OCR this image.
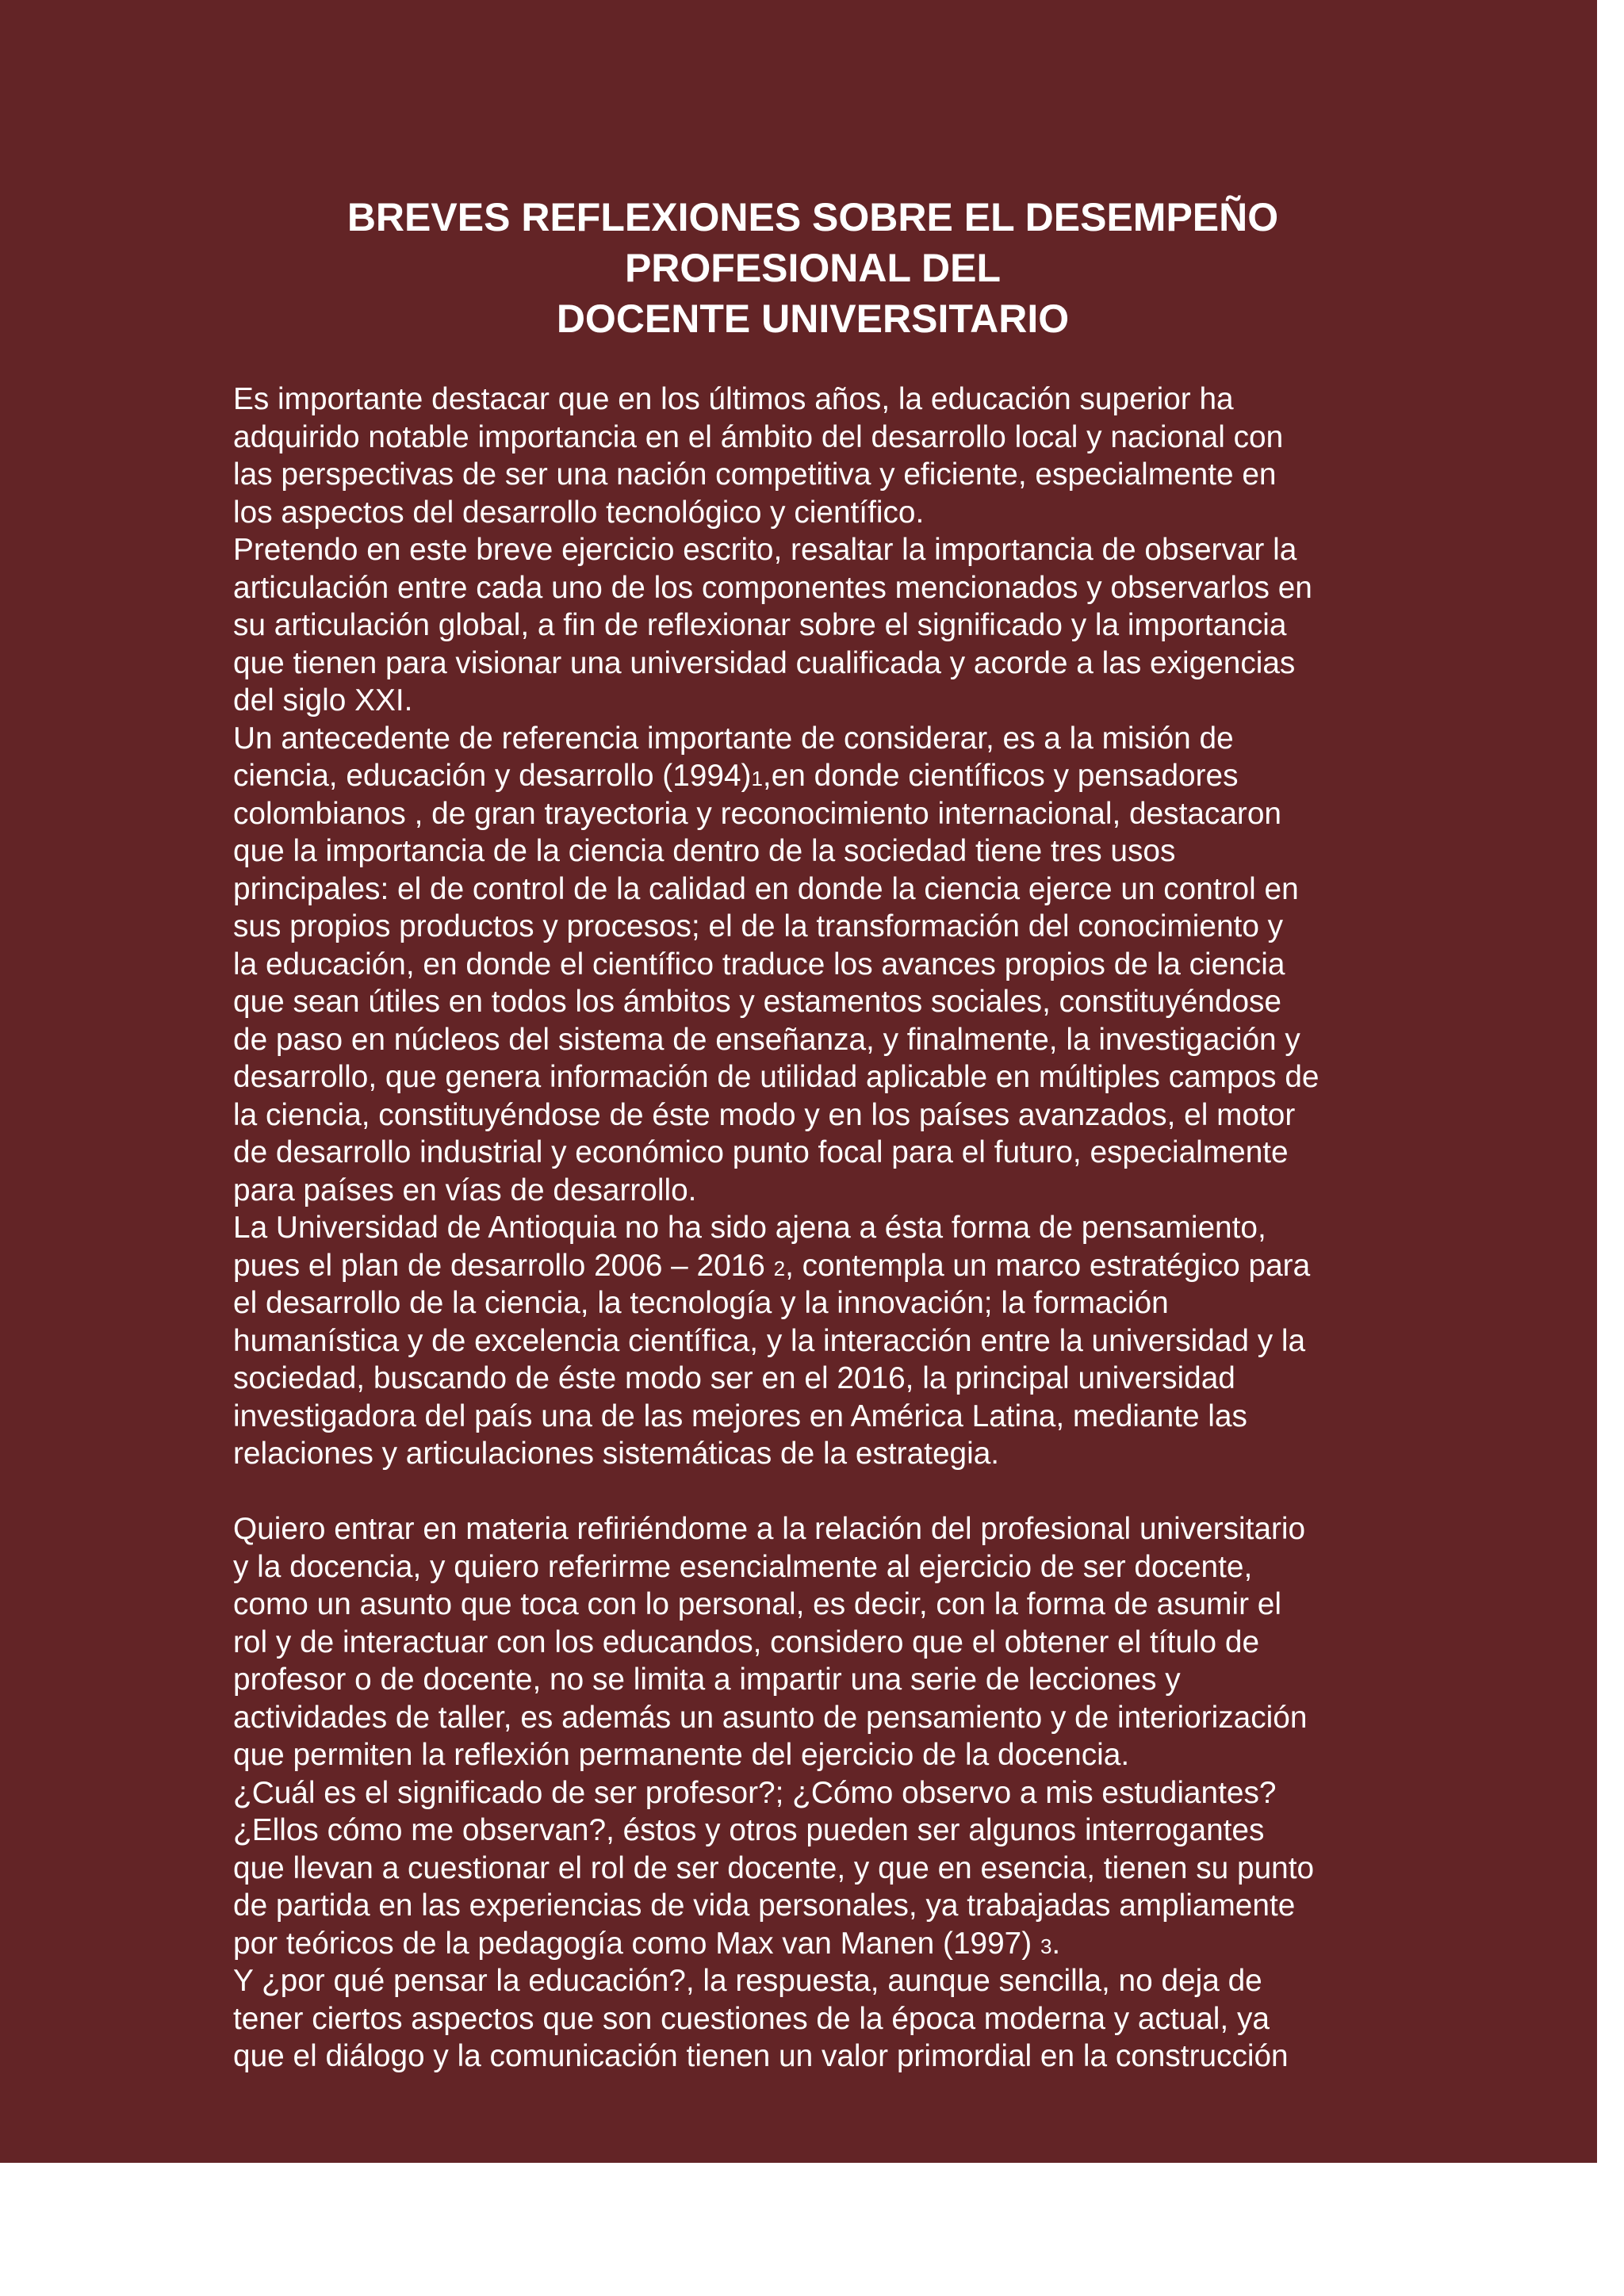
BREVES REFLEXIONES SOBRE EL DESEMPEÑO
PROFESIONAL DEL
DOCENTE UNIVERSITARIO
Es importante destacar que en los últimos años, la educación superior ha
adquirido notable importancia en el ámbito del desarrollo local y nacional con
las perspectivas de ser una nación competitiva y eficiente, especialmente en
los aspectos del desarrollo tecnológico y científico.
Pretendo en este breve ejercicio escrito, resaltar la importancia de observar la
articulación entre cada uno de los componentes mencionados y observarlos en
su articulación global, a fin de reflexionar sobre el significado y la importancia
que tienen para visionar una universidad cualificada y acorde a las exigencias
del siglo XXI.
Un antecedente de referencia importante de considerar, es a la misión de
ciencia, educación y desarrollo (1994)1,en donde científicos y pensadores
colombianos , de gran trayectoria y reconocimiento internacional, destacaron
que la importancia de la ciencia dentro de la sociedad tiene tres usos
principales: el de control de la calidad en donde la ciencia ejerce un control en
sus propios productos y procesos; el de la transformación del conocimiento y
la educación, en donde el científico traduce los avances propios de la ciencia
que sean útiles en todos los ámbitos y estamentos sociales, constituyéndose
de paso en núcleos del sistema de enseñanza, y finalmente, la investigación y
desarrollo, que genera información de utilidad aplicable en múltiples campos de
la ciencia, constituyéndose de éste modo y en los países avanzados, el motor
de desarrollo industrial y económico punto focal para el futuro, especialmente
para países en vías de desarrollo.
La Universidad de Antioquia no ha sido ajena a ésta forma de pensamiento,
pues el plan de desarrollo 2006 – 2016 2, contempla un marco estratégico para
el desarrollo de la ciencia, la tecnología y la innovación; la formación
humanística y de excelencia científica, y la interacción entre la universidad y la
sociedad, buscando de éste modo ser en el 2016, la principal universidad
investigadora del país una de las mejores en América Latina, mediante las
relaciones y articulaciones sistemáticas de la estrategia.
Quiero entrar en materia refiriéndome a la relación del profesional universitario
y la docencia, y quiero referirme esencialmente al ejercicio de ser docente,
como un asunto que toca con lo personal, es decir, con la forma de asumir el
rol y de interactuar con los educandos, considero que el obtener el título de
profesor o de docente, no se limita a impartir una serie de lecciones y
actividades de taller, es además un asunto de pensamiento y de interiorización
que permiten la reflexión permanente del ejercicio de la docencia.
¿Cuál es el significado de ser profesor?; ¿Cómo observo a mis estudiantes?
¿Ellos cómo me observan?, éstos y otros pueden ser algunos interrogantes
que llevan a cuestionar el rol de ser docente, y que en esencia, tienen su punto
de partida en las experiencias de vida personales, ya trabajadas ampliamente
por teóricos de la pedagogía como Max van Manen (1997) 3.
Y ¿por qué pensar la educación?, la respuesta, aunque sencilla, no deja de
tener ciertos aspectos que son cuestiones de la época moderna y actual, ya
que el diálogo y la comunicación tienen un valor primordial en la construcción
